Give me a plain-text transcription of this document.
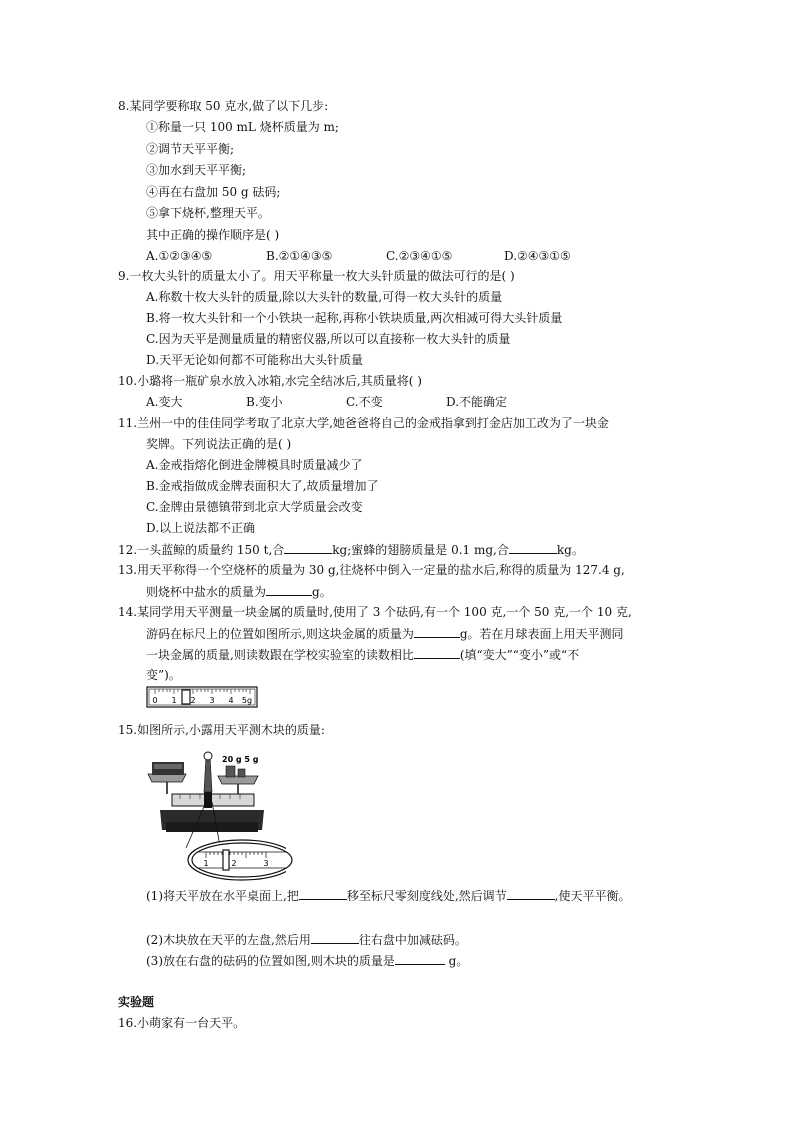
8.某同学要称取 50 克水,做了以下几步:
①称量一只 100 mL 烧杯质量为 m;
②调节天平平衡;
③加水到天平平衡;
④再在右盘加 50 g 砝码;
⑤拿下烧杯,整理天平。
其中正确的操作顺序是( )
A.①②③④⑤	B.②①④③⑤	C.②③④①⑤	D.②④③①⑤
9.一枚大头针的质量太小了。用天平称量一枚大头针质量的做法可行的是( )
A.称数十枚大头针的质量,除以大头针的数量,可得一枚大头针的质量
B.将一枚大头针和一个小铁块一起称,再称小铁块质量,两次相减可得大头针质量
C.因为天平是测量质量的精密仪器,所以可以直接称一枚大头针的质量
D.天平无论如何都不可能称出大头针质量
10.小璐将一瓶矿泉水放入冰箱,水完全结冰后,其质量将( )
A.变大	B.变小	C.不变	D.不能确定
11.兰州一中的佳佳同学考取了北京大学,她爸爸将自己的金戒指拿到打金店加工改为了一块金
奖牌。下列说法正确的是( )
A.金戒指熔化倒进金牌模具时质量减少了
B.金戒指做成金牌表面积大了,故质量增加了
C.金牌由景德镇带到北京大学质量会改变
D.以上说法都不正确
12.一头蓝鲸的质量约 150 t,合	kg;蜜蜂的翅膀质量是 0.1 mg,合	kg。
13.用天平称得一个空烧杯的质量为 30 g,往烧杯中倒入一定量的盐水后,称得的质量为 127.4 g,
则烧杯中盐水的质量为	g。
14.某同学用天平测量一块金属的质量时,使用了 3 个砝码,有一个 100 克,一个 50 克,一个 10 克,
游码在标尺上的位置如图所示,则这块金属的质量为	g。若在月球表面上用天平测同
一块金属的质量,则读数跟在学校实验室的读数相比	(填“变大”“变小”或“不
变”)。
0 1 2 3 4 5g
15.如图所示,小露用天平测木块的质量:
20 g 5 g
1	2	3
(1)将天平放在水平桌面上,把	移至标尺零刻度线处,然后调节	,使天平平衡。
(2)木块放在天平的左盘,然后用	往右盘中加减砝码。
(3)放在右盘的砝码的位置如图,则木块的质量是	g。
实验题
16.小萌家有一台天平。
